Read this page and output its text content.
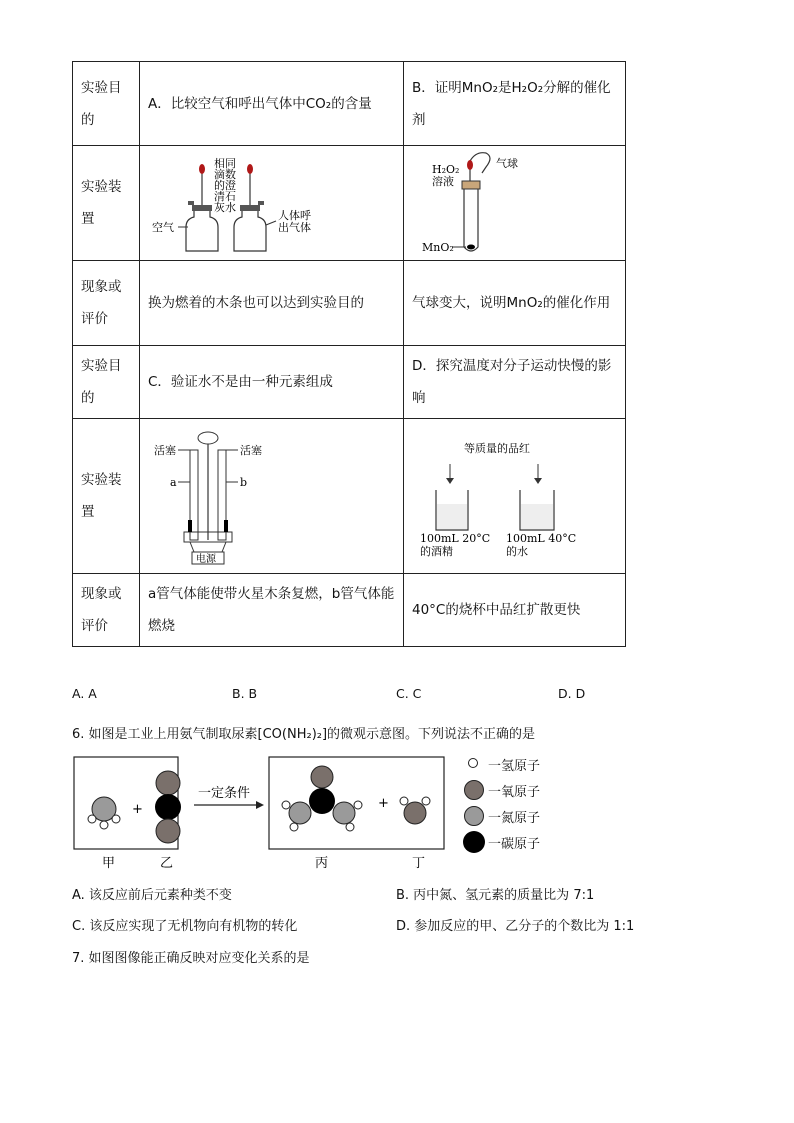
实验目的	A．比较空气和呼出气体中CO₂的含量	B．证明MnO₂是H₂O₂分解的催化剂
实验装置	相同滴数的澄清石灰水
空气
人体呼出气体	H₂O₂ 溶液
气球
MnO₂

现象或评价	换为燃着的木条也可以达到实验目的	气球变大，说明MnO₂的催化作用
实验目的	C．验证水不是由一种元素组成	D．探究温度对分子运动快慢的影响
实验装置	活塞 活塞
a b
电源	等质量的品红
100mL 20°C 的酒精
100mL 40°C 的水

现象或评价	a管气体能使带火星木条复燃，b管气体能燃烧	40°C的烧杯中品红扩散更快
A. A	B. B	C. C	D. D
6. 如图是工业上用氨气制取尿素[CO(NH₂)₂]的微观示意图。下列说法不正确的是
+
一定条件
+
甲	乙	丙	丁
一氢原子
一氧原子
一氮原子
一碳原子
A. 该反应前后元素种类不变	B. 丙中氮、氢元素的质量比为 7:1
C. 该反应实现了无机物向有机物的转化	D. 参加反应的甲、乙分子的个数比为 1:1
7. 如图图像能正确反映对应变化关系的是
